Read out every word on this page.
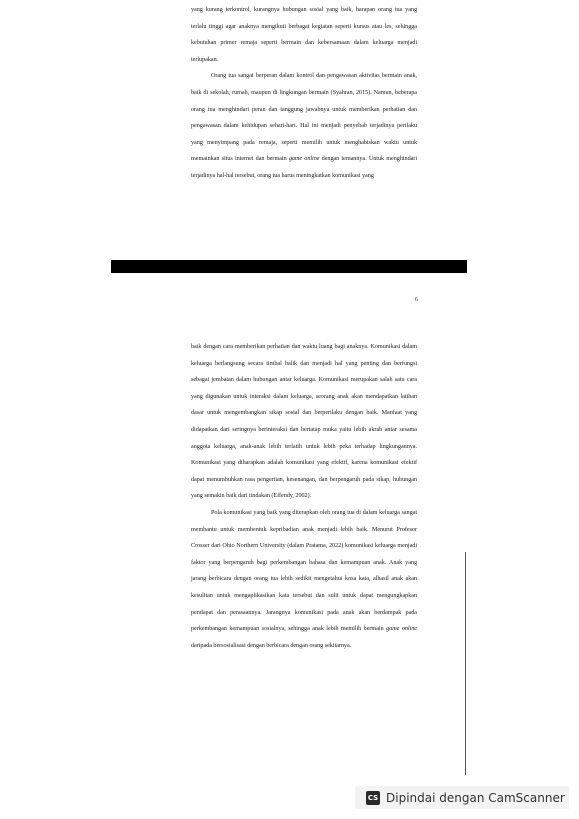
yang kurang terkontrol, kurangnya hubungan sosial yang baik, harapan orang tua yang terlalu tinggi agar anaknya mengikuti berbagai kegiatan seperti kursus atau les, sehingga kebutuhan primer remaja seperti bermain dan kebersamaan dalam keluarga menjadi terlupakan.

Orang tua sangat berperan dalam kontrol dan pengawasan aktivitas bermain anak, baik di sekolah, rumah, maupun di lingkungan bermain (Syahran, 2015). Namun, beberapa orang tua menghindari peran dan tanggung jawabnya untuk memberikan perhatian dan pengawasan dalam kehidupan sehari-hari. Hal ini menjadi penyebab terjadinya perilaku yang menyimpang pada remaja, seperti memilih untuk menghabiskan waktu untuk memainkan situs internet dan bermain game online dengan temannya. Untuk menghindari terjadinya hal-hal tersebut, orang tua harus meningkatkan komunikasi yang

6

baik dengan cara memberikan perhatian dan waktu luang bagi anaknya. Komunikasi dalam keluarga berlangsung secara timbal balik dan menjadi hal yang penting dan berfungsi sebagai jembatan dalam hubungan antar keluarga. Komunikasi merupakan salah satu cara yang digunakan untuk interaksi dalam keluarga, seorang anak akan mendapatkan latihan dasar untuk mengembangkan sikap sosial dan berperilaku dengan baik. Manfaat yang didapatkan dari seringnya berinteraksi dan bertatap muka yaitu lebih akrab antar sesama anggota keluarga, anak-anak lebih terlatih untuk lebih peka terhadap lingkungannya. Komunikasi yang diharapkan adalah komunikasi yang efektif, karena komunikasi efektif dapat menumbuhkan rasa pengertian, kesenangan, dan berpengaruh pada sikap, hubungan yang semakin baik dari tindakan (Effendy, 2002).

Pola komunikasi yang baik yang diterapkan oleh orang tua di dalam keluarga sangat membantu untuk membentuk kepribadian anak menjadi lebih baik. Menurut Profesor Crosser dari Ohio Northern University (dalam Pratama, 2022) komunikasi keluarga menjadi faktor yang berpengaruh bagi perkembangan bahasa dan kemampuan anak. Anak yang jarang berbicara dengan orang tua lebih sedikit mengetahui kosa kata, alhasil anak akan kesulitan untuk mengaplikasikan kata tersebut dan sulit untuk dapat mengungkapkan pendapat dan perasaannya. Jarangnya komunikasi pada anak akan berdampak pada perkembangan kemampuan sosialnya, sehingga anak lebih memilih bermain game online daripada bersosialisasi dengan berbicara dengan orang sekitarnya.

CS Dipindai dengan CamScanner
